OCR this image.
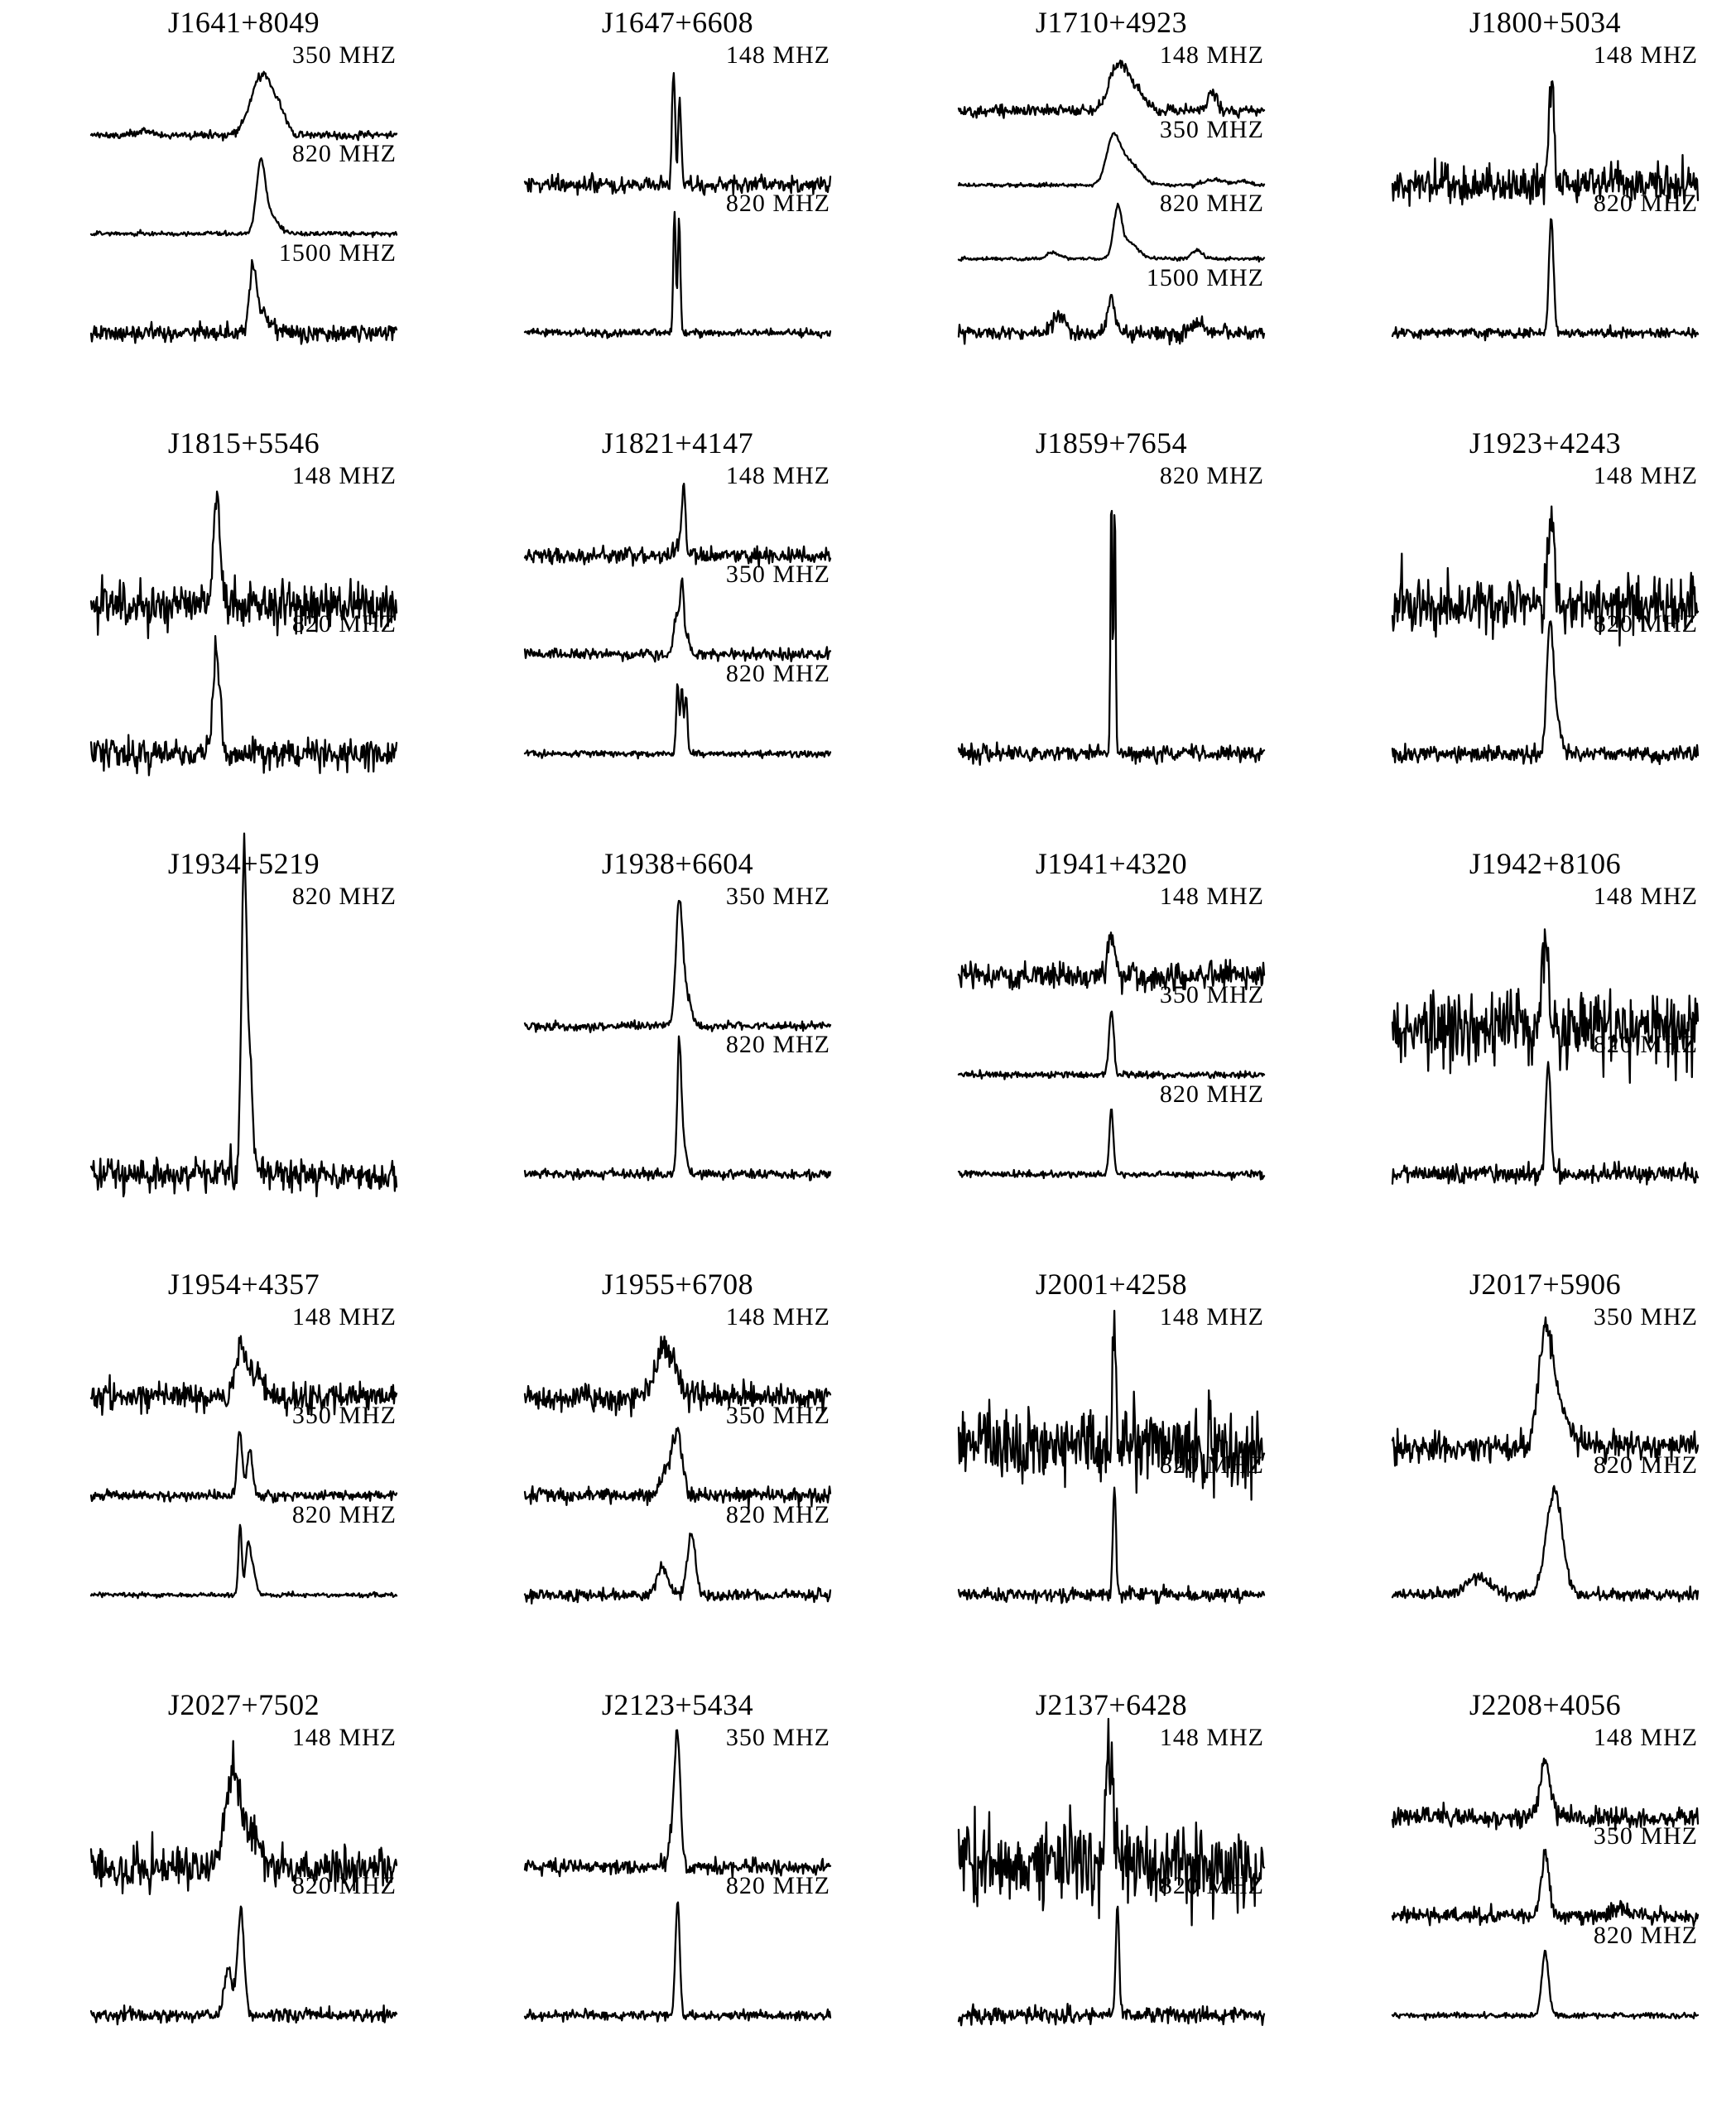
J1641+8049
350 MHZ
820 MHZ
1500 MHZ
J1647+6608
148 MHZ
820 MHZ
J1710+4923
148 MHZ
350 MHZ
820 MHZ
1500 MHZ
J1800+5034
148 MHZ
820 MHZ
J1815+5546
148 MHZ
820 MHZ
J1821+4147
148 MHZ
350 MHZ
820 MHZ
J1859+7654
820 MHZ
J1923+4243
148 MHZ
820 MHZ
J1934+5219
820 MHZ
J1938+6604
350 MHZ
820 MHZ
J1941+4320
148 MHZ
350 MHZ
820 MHZ
J1942+8106
148 MHZ
820 MHZ
J1954+4357
148 MHZ
350 MHZ
820 MHZ
J1955+6708
148 MHZ
350 MHZ
820 MHZ
J2001+4258
148 MHZ
820 MHZ
J2017+5906
350 MHZ
820 MHZ
J2027+7502
148 MHZ
820 MHZ
J2123+5434
350 MHZ
820 MHZ
J2137+6428
148 MHZ
820 MHZ
J2208+4056
148 MHZ
350 MHZ
820 MHZ
